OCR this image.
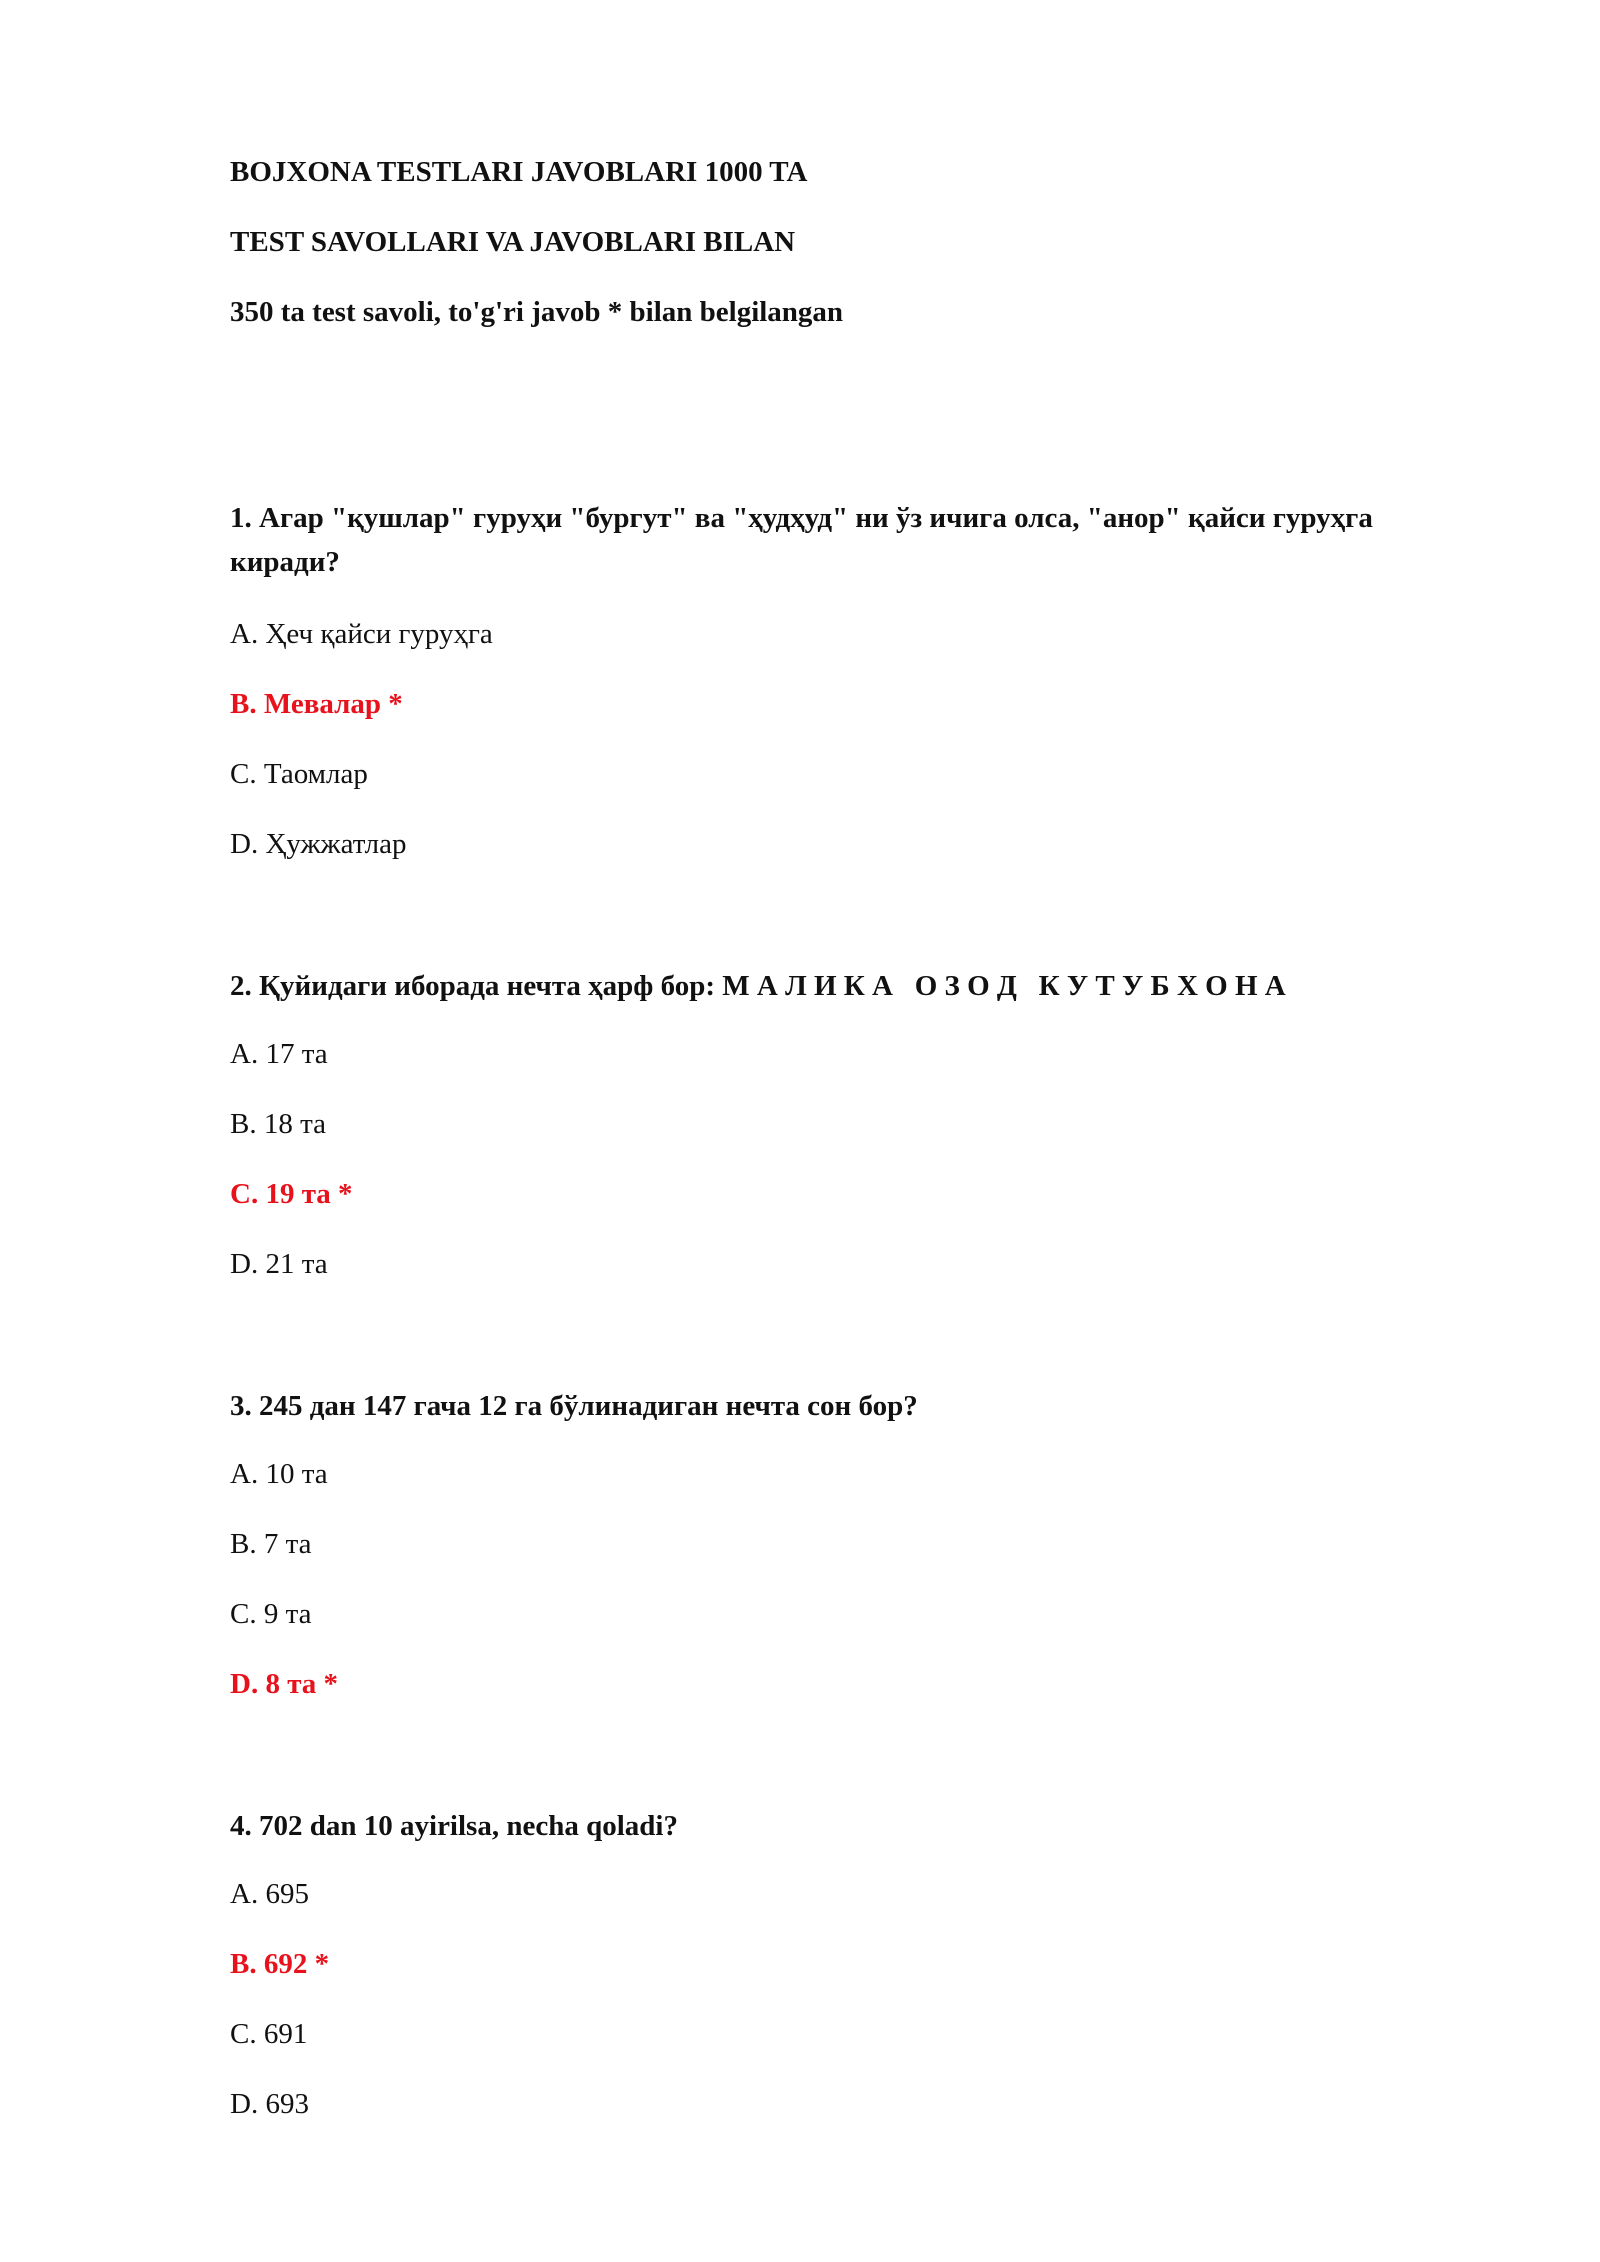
BOJXONA TESTLARI JAVOBLARI 1000 TA
TEST SAVOLLARI VA JAVOBLARI BILAN
350 ta test savoli, to'g'ri javob * bilan belgilangan
1. Агар "қушлар" гуруҳи "бургут" ва "ҳудҳуд" ни ўз ичига олса, "анор" қайси гуруҳга киради?
A. Ҳеч қайси гуруҳга
B. Мевалар *
C. Таомлар
D. Ҳужжатлар
2. Қуйидаги иборада нечта ҳарф бор: М А Л И К А   О З О Д   К У Т У Б Х О Н А
A. 17 та
B. 18 та
C. 19 та *
D. 21 та
3. 245 дан 147 гача 12 га бўлинадиган нечта сон бор?
A. 10 та
B. 7 та
C. 9 та
D. 8 та *
4. 702 dan 10 ayirilsa, necha qoladi?
A. 695
B. 692 *
C. 691
D. 693
